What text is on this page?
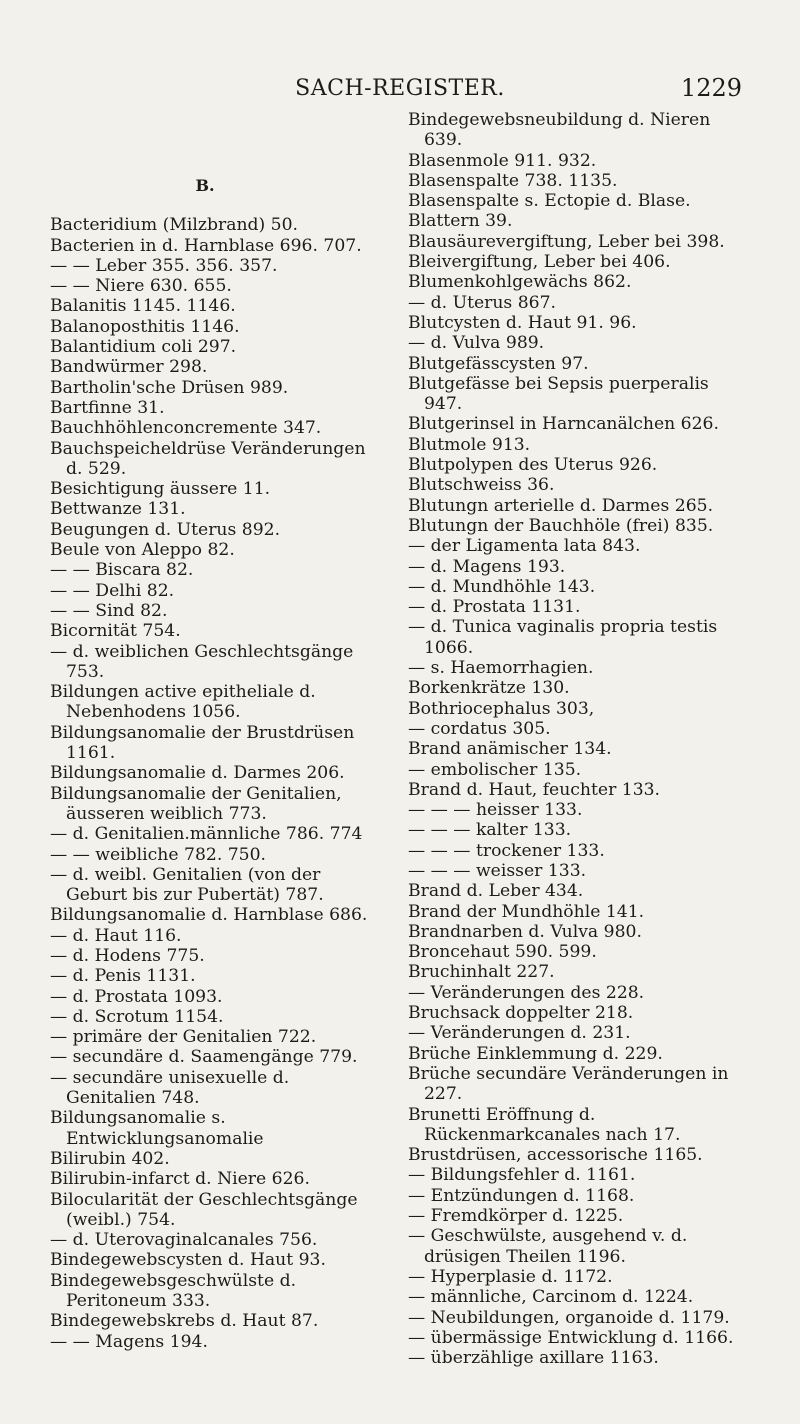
SACH-REGISTER.	1229
B.
Bacteridium (Milzbrand) 50.
Bacterien in d. Harnblase 696. 707.
— — Leber 355. 356. 357.
— — Niere 630. 655.
Balanitis 1145. 1146.
Balanoposthitis 1146.
Balantidium coli 297.
Bandwürmer 298.
Bartholin'sche Drüsen 989.
Bartfinne 31.
Bauchhöhlenconcremente 347.
Bauchspeicheldrüse Veränderungen d. 529.
Besichtigung äussere 11.
Bettwanze 131.
Beugungen d. Uterus 892.
Beule von Aleppo 82.
— — Biscara 82.
— — Delhi 82.
— — Sind 82.
Bicornität 754.
— d. weiblichen Geschlechtsgänge 753.
Bildungen active epitheliale d. Nebenhodens 1056.
Bildungsanomalie der Brustdrüsen 1161.
Bildungsanomalie d. Darmes 206.
Bildungsanomalie der Genitalien, äusseren weiblich 773.
— d. Genitalien.männliche 786. 774
— — weibliche 782. 750.
— d. weibl. Genitalien (von der Geburt bis zur Pubertät) 787.
Bildungsanomalie d. Harnblase 686.
— d. Haut 116.
— d. Hodens 775.
— d. Penis 1131.
— d. Prostata 1093.
— d. Scrotum 1154.
— primäre der Genitalien 722.
— secundäre d. Saamengänge 779.
— secundäre unisexuelle d. Genitalien 748.
Bildungsanomalie s. Entwicklungsanomalie
Bilirubin 402.
Bilirubin-infarct d. Niere 626.
Bilocularität der Geschlechtsgänge (weibl.) 754.
— d. Uterovaginalcanales 756.
Bindegewebscysten d. Haut 93.
Bindegewebsgeschwülste d. Peritoneum 333.
Bindegewebskrebs d. Haut 87.
— — Magens 194.
Bindegewebsneubildung d. Nieren 639.
Blasenmole 911. 932.
Blasenspalte 738. 1135.
Blasenspalte s. Ectopie d. Blase.
Blattern 39.
Blausäurevergiftung, Leber bei 398.
Bleivergiftung, Leber bei 406.
Blumenkohlgewächs 862.
— d. Uterus 867.
Blutcysten d. Haut 91. 96.
— d. Vulva 989.
Blutgefässcysten 97.
Blutgefässe bei Sepsis puerperalis 947.
Blutgerinsel in Harncanälchen 626.
Blutmole 913.
Blutpolypen des Uterus 926.
Blutschweiss 36.
Blutungn arterielle d. Darmes 265.
Blutungn der Bauchhöle (frei) 835.
— der Ligamenta lata 843.
— d. Magens 193.
— d. Mundhöhle 143.
— d. Prostata 1131.
— d. Tunica vaginalis propria testis 1066.
— s. Haemorrhagien.
Borkenkrätze 130.
Bothriocephalus 303,
— cordatus 305.
Brand anämischer 134.
— embolischer 135.
Brand d. Haut, feuchter 133.
— — — heisser 133.
— — — kalter 133.
— — — trockener 133.
— — — weisser 133.
Brand d. Leber 434.
Brand der Mundhöhle 141.
Brandnarben d. Vulva 980.
Broncehaut 590. 599.
Bruchinhalt 227.
— Veränderungen des 228.
Bruchsack doppelter 218.
— Veränderungen d. 231.
Brüche Einklemmung d. 229.
Brüche secundäre Veränderungen in 227.
Brunetti Eröffnung d. Rückenmarkcanales nach 17.
Brustdrüsen, accessorische 1165.
— Bildungsfehler d. 1161.
— Entzündungen d. 1168.
— Fremdkörper d. 1225.
— Geschwülste, ausgehend v. d. drüsigen Theilen 1196.
— Hyperplasie d. 1172.
— männliche, Carcinom d. 1224.
— Neubildungen, organoide d. 1179.
— übermässige Entwicklung d. 1166.
— überzählige axillare 1163.
